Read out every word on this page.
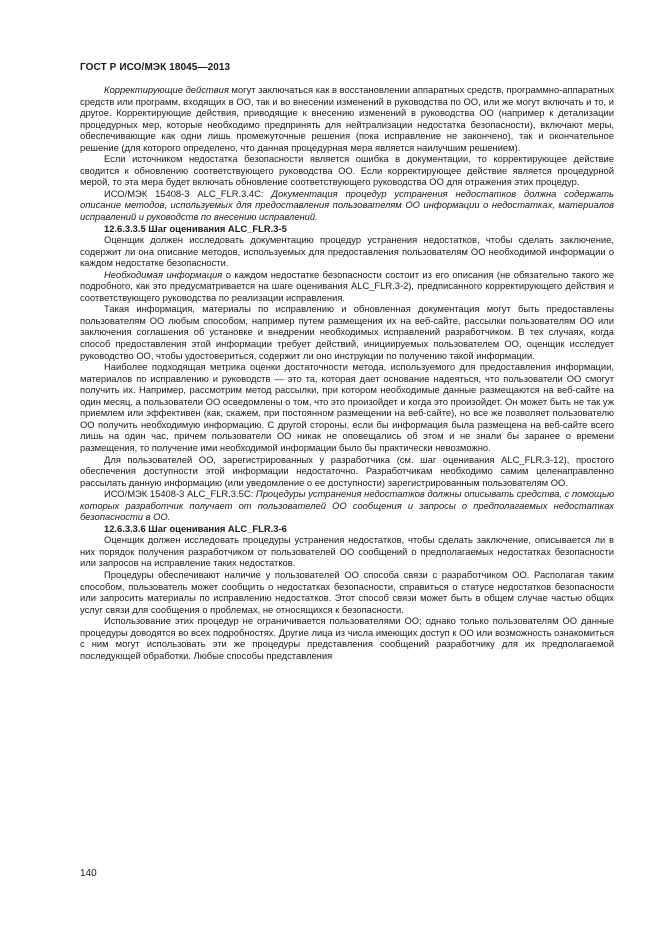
ГОСТ Р ИСО/МЭК 18045—2013

Корректирующие действия могут заключаться как в восстановлении аппаратных средств, программно-аппаратных средств или программ, входящих в ОО, так и во внесении изменений в руководства по ОО, или же могут включать и то, и другое. Корректирующие действия, приводящие к внесению изменений в руководства ОО (например к детализации процедурных мер, которые необходимо предпринять для нейтрализации недостатка безопасности), включают меры, обеспечивающие как одни лишь промежуточные решения (пока исправление не закончено), так и окончательное решение (для которого определено, что данная процедурная мера является наилучшим решением).

Если источником недостатка безопасности является ошибка в документации, то корректирующее действие сводится к обновлению соответствующего руководства ОО. Если корректирующее действие является процедурной мерой, то эта мера будет включать обновление соответствующего руководства ОО для отражения этих процедур.

ИСО/МЭК 15408-3 ALC_FLR.3.4C: Документация процедур устранения недостатков должна содержать описание методов, используемых для предоставления пользователям ОО информации о недостатках, материалов исправлений и руководств по внесению исправлений.

12.6.3.3.5 Шаг оценивания ALC_FLR.3-5

Оценщик должен исследовать документацию процедур устранения недостатков, чтобы сделать заключение, содержит ли она описание методов, используемых для предоставления пользователям ОО необходимой информации о каждом недостатке безопасности.

Необходимая информация о каждом недостатке безопасности состоит из его описания (не обязательно такого же подробного, как это предусматривается на шаге оценивания ALC_FLR.3-2), предписанного корректирующего действия и соответствующего руководства по реализации исправления.

Такая информация, материалы по исправлению и обновленная документация могут быть предоставлены пользователям ОО любым способом, например путем размещения их на веб-сайте, рассылки пользователям ОО или заключения соглашения об установке и внедрении необходимых исправлений разработчиком. В тех случаях, когда способ предоставления этой информации требует действий, инициируемых пользователем ОО, оценщик исследует руководство ОО, чтобы удостовериться, содержит ли оно инструкции по получению такой информации.

Наиболее подходящая метрика оценки достаточности метода, используемого для предоставления информации, материалов по исправлению и руководств — это та, которая дает основание надеяться, что пользователи ОО смогут получить их. Например, рассмотрим метод рассылки, при котором необходимые данные размещаются на веб-сайте на один месяц, а пользователи ОО осведомлены о том, что это произойдет и когда это произойдет. Он может быть не так уж приемлем или эффективен (как, скажем, при постоянном размещении на веб-сайте), но все же позволяет пользователю ОО получить необходимую информацию. С другой стороны, если бы информация была размещена на веб-сайте всего лишь на один час, причем пользователи ОО никак не оповещались об этом и не знали бы заранее о времени размещения, то получение ими необходимой информации было бы практически невозможно.

Для пользователей ОО, зарегистрированных у разработчика (см. шаг оценивания ALC_FLR.3-12), простого обеспечения доступности этой информации недостаточно. Разработчикам необходимо самим целенаправленно рассылать данную информацию (или уведомление о ее доступности) зарегистрированным пользователям ОО.

ИСО/МЭК 15408-3 ALC_FLR.3.5C: Процедуры устранения недостатков должны описывать средства, с помощью которых разработчик получает от пользователей ОО сообщения и запросы о предполагаемых недостатках безопасности в ОО.

12.6.3.3.6 Шаг оценивания ALC_FLR.3-6

Оценщик должен исследовать процедуры устранения недостатков, чтобы сделать заключение, описывается ли в них порядок получения разработчиком от пользователей ОО сообщений о предполагаемых недостатках безопасности или запросов на исправление таких недостатков.

Процедуры обеспечивают наличие у пользователей ОО способа связи с разработчиком ОО. Располагая таким способом, пользователь может сообщить о недостатках безопасности, справиться о статусе недостатков безопасности или запросить материалы по исправлению недостатков. Этот способ связи может быть в общем случае частью общих услуг связи для сообщения о проблемах, не относящихся к безопасности.

Использование этих процедур не ограничивается пользователями ОО; однако только пользователям ОО данные процедуры доводятся во всех подробностях. Другие лица из числа имеющих доступ к ОО или возможность ознакомиться с ним могут использовать эти же процедуры представления сообщений разработчику для их предполагаемой последующей обработки. Любые способы представления

140
